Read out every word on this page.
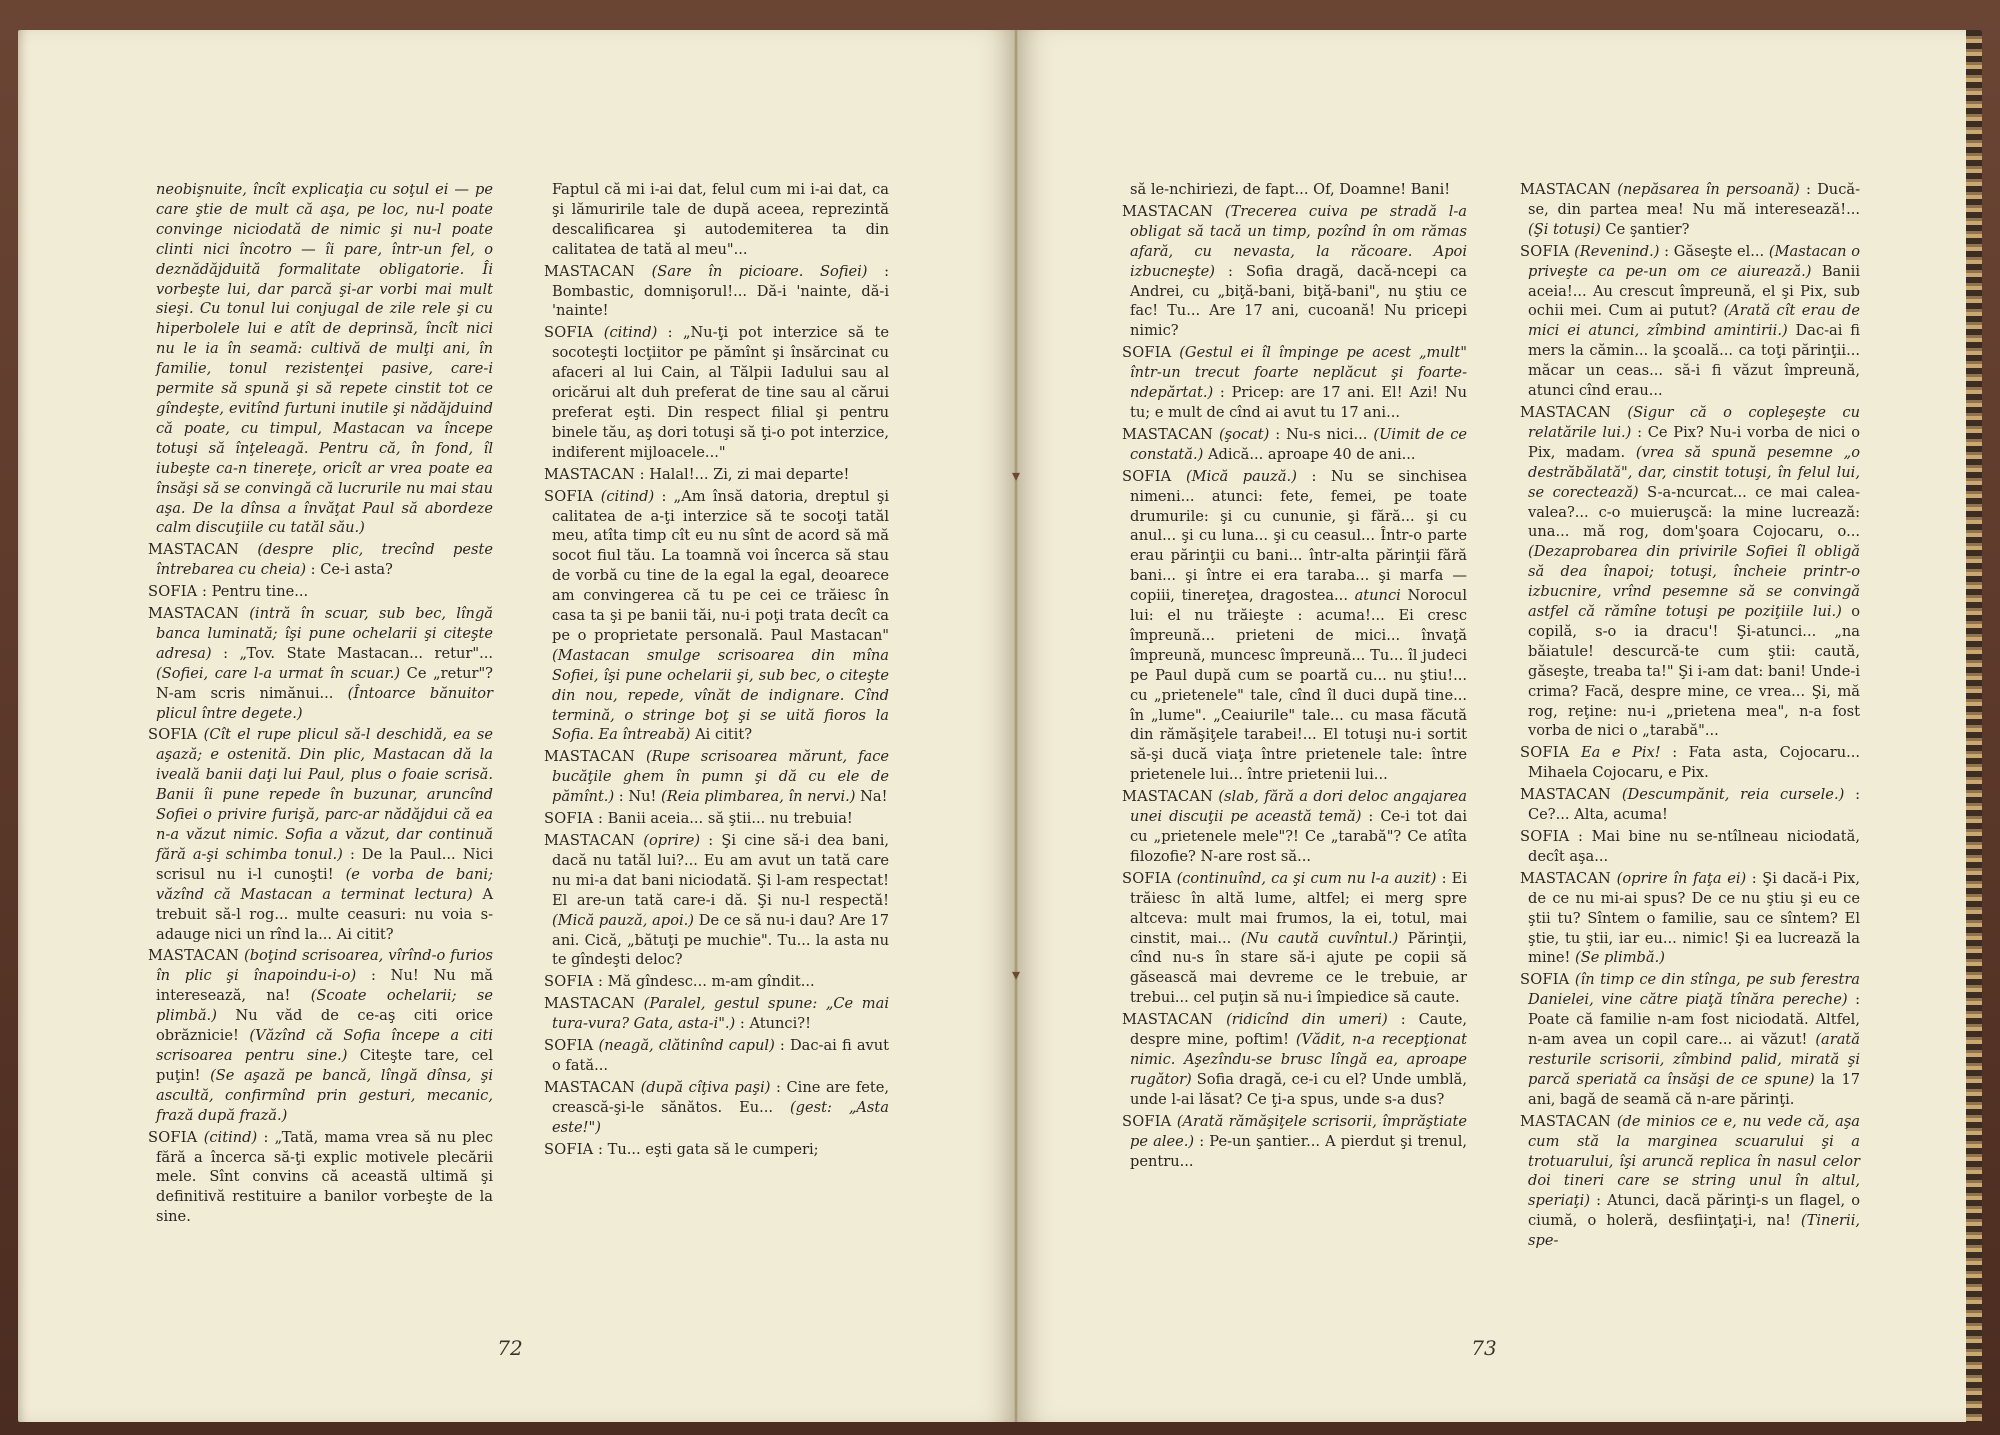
neobişnuite, încît explicaţia cu soţul ei — pe care ştie de mult că aşa, pe loc, nu-l poate convinge niciodată de nimic şi nu-l poate clinti nici încotro — îi pare, într-un fel, o deznădăjduită formalitate obligatorie. Îi vorbeşte lui, dar parcă şi-ar vorbi mai mult sieşi. Cu tonul lui conjugal de zile rele şi cu hiperbolele lui e atît de deprinsă, încît nici nu le ia în seamă: cultivă de mulţi ani, în familie, tonul rezistenţei pasive, care-i permite să spună şi să repete cinstit tot ce gîndeşte, evitînd furtuni inutile şi nădăjduind că poate, cu timpul, Mastacan va începe totuşi să înţeleagă. Pentru că, în fond, îl iubeşte ca-n tinereţe, oricît ar vrea poate ea însăşi să se convingă că lucrurile nu mai stau aşa. De la dînsa a învăţat Paul să abordeze calm discuţiile cu tatăl său.)

MASTACAN (despre plic, trecînd peste întrebarea cu cheia) : Ce-i asta?

SOFIA : Pentru tine...

MASTACAN (intră în scuar, sub bec, lîngă banca luminată; îşi pune ochelarii şi citeşte adresa) : „Tov. State Mastacan... retur"... (Sofiei, care l-a urmat în scuar.) Ce „retur"? N-am scris nimănui... (Întoarce bănuitor plicul între degete.)

SOFIA (Cît el rupe plicul să-l deschidă, ea se aşază; e ostenită. Din plic, Mastacan dă la iveală banii daţi lui Paul, plus o foaie scrisă. Banii îi pune repede în buzunar, aruncînd Sofiei o privire furişă, parc-ar nădăjdui că ea n-a văzut nimic. Sofia a văzut, dar continuă fără a-şi schimba tonul.) : De la Paul... Nici scrisul nu i-l cunoşti! (e vorba de bani; văzînd că Mastacan a terminat lectura) A trebuit să-l rog... multe ceasuri: nu voia s-adauge nici un rînd la... Ai citit?

MASTACAN (boţind scrisoarea, vîrînd-o furios în plic şi înapoindu-i-o) : Nu! Nu mă interesează, na! (Scoate ochelarii; se plimbă.) Nu văd de ce-aş citi orice obrăznicie! (Văzînd că Sofia începe a citi scrisoarea pentru sine.) Citeşte tare, cel puţin! (Se aşază pe bancă, lîngă dînsa, şi ascultă, confirmînd prin gesturi, mecanic, frază după frază.)

SOFIA (citind) : „Tată, mama vrea să nu plec fără a încerca să-ţi explic motivele plecării mele. Sînt convins că această ultimă şi definitivă restituire a banilor vorbeşte de la sine.

Faptul că mi i-ai dat, felul cum mi i-ai dat, ca şi lămuririle tale de după aceea, reprezintă descalificarea şi autodemiterea ta din calitatea de tată al meu"...

MASTACAN (Sare în picioare. Sofiei) : Bombastic, domnişorul!... Dă-i 'nainte, dă-i 'nainte!

SOFIA (citind) : „Nu-ţi pot interzice să te socoteşti locţiitor pe pămînt şi însărcinat cu afaceri al lui Cain, al Tălpii Iadului sau al oricărui alt duh preferat de tine sau al cărui preferat eşti. Din respect filial şi pentru binele tău, aş dori totuşi să ţi-o pot interzice, indiferent mijloacele..."

MASTACAN : Halal!... Zi, zi mai departe!

SOFIA (citind) : „Am însă datoria, dreptul şi calitatea de a-ţi interzice să te socoţi tatăl meu, atîta timp cît eu nu sînt de acord să mă socot fiul tău. La toamnă voi încerca să stau de vorbă cu tine de la egal la egal, deoarece am convingerea că tu pe cei ce trăiesc în casa ta şi pe banii tăi, nu-i poţi trata decît ca pe o proprietate personală. Paul Mastacan" (Mastacan smulge scrisoarea din mîna Sofiei, îşi pune ochelarii şi, sub bec, o citeşte din nou, repede, vînăt de indignare. Cînd termină, o stringe boţ şi se uită fioros la Sofia. Ea întreabă) Ai citit?

MASTACAN (Rupe scrisoarea mărunt, face bucăţile ghem în pumn şi dă cu ele de pămînt.) : Nu! (Reia plimbarea, în nervi.) Na!

SOFIA : Banii aceia... să ştii... nu trebuia!

MASTACAN (oprire) : Şi cine să-i dea bani, dacă nu tatăl lui?... Eu am avut un tată care nu mi-a dat bani niciodată. Şi l-am respectat! El are-un tată care-i dă. Şi nu-l respectă! (Mică pauză, apoi.) De ce să nu-i dau? Are 17 ani. Cică, „bătuţi pe muchie". Tu... la asta nu te gîndeşti deloc?

SOFIA : Mă gîndesc... m-am gîndit...

MASTACAN (Paralel, gestul spune: „Ce mai tura-vura? Gata, asta-i".) : Atunci?!

SOFIA (neagă, clătinînd capul) : Dac-ai fi avut o fată...

MASTACAN (după cîţiva paşi) : Cine are fete, crească-şi-le sănătos. Eu... (gest: „Asta este!")

SOFIA : Tu... eşti gata să le cumperi;

72

să le-nchiriezi, de fapt... Of, Doamne! Bani!

MASTACAN (Trecerea cuiva pe stradă l-a obligat să tacă un timp, pozînd în om rămas afară, cu nevasta, la răcoare. Apoi izbucneşte) : Sofia dragă, dacă-ncepi ca Andrei, cu „biţă-bani, biţă-bani", nu ştiu ce fac! Tu... Are 17 ani, cucoană! Nu pricepi nimic?

SOFIA (Gestul ei îl împinge pe acest „mult" într-un trecut foarte neplăcut şi foarte-ndepărtat.) : Pricep: are 17 ani. El! Azi! Nu tu; e mult de cînd ai avut tu 17 ani...

MASTACAN (şocat) : Nu-s nici... (Uimit de ce constată.) Adică... aproape 40 de ani...

SOFIA (Mică pauză.) : Nu se sinchisea nimeni... atunci: fete, femei, pe toate drumurile: şi cu cununie, şi fără... şi cu anul... şi cu luna... şi cu ceasul... Într-o parte erau părinţii cu bani... într-alta părinţii fără bani... şi între ei era taraba... şi marfa — copiii, tinereţea, dragostea... atunci Norocul lui: el nu trăieşte : acuma!... Ei cresc împreună... prieteni de mici... învaţă împreună, muncesc împreună... Tu... îl judeci pe Paul după cum se poartă cu... nu ştiu!... cu „prietenele" tale, cînd îl duci după tine... în „lume". „Ceaiurile" tale... cu masa făcută din rămăşiţele tarabei!... El totuşi nu-i sortit să-şi ducă viaţa între prietenele tale: între prietenele lui... între prietenii lui...

MASTACAN (slab, fără a dori deloc angajarea unei discuţii pe această temă) : Ce-i tot dai cu „prietenele mele"?! Ce „tarabă"? Ce atîta filozofie? N-are rost să...

SOFIA (continuînd, ca şi cum nu l-a auzit) : Ei trăiesc în altă lume, altfel; ei merg spre altceva: mult mai frumos, la ei, totul, mai cinstit, mai... (Nu caută cuvîntul.) Părinţii, cînd nu-s în stare să-i ajute pe copii să găsească mai devreme ce le trebuie, ar trebui... cel puţin să nu-i împiedice să caute.

MASTACAN (ridicînd din umeri) : Caute, despre mine, poftim! (Vădit, n-a recepţionat nimic. Aşezîndu-se brusc lîngă ea, aproape rugător) Sofia dragă, ce-i cu el? Unde umblă, unde l-ai lăsat? Ce ţi-a spus, unde s-a dus?

SOFIA (Arată rămăşiţele scrisorii, împrăştiate pe alee.) : Pe-un şantier... A pierdut şi trenul, pentru...

MASTACAN (nepăsarea în persoană) : Ducă-se, din partea mea! Nu mă interesează!... (Şi totuşi) Ce şantier?

SOFIA (Revenind.) : Găseşte el... (Mastacan o priveşte ca pe-un om ce aiurează.) Banii aceia!... Au crescut împreună, el şi Pix, sub ochii mei. Cum ai putut? (Arată cît erau de mici ei atunci, zîmbind amintirii.) Dac-ai fi mers la cămin... la şcoală... ca toţi părinţii... măcar un ceas... să-i fi văzut împreună, atunci cînd erau...

MASTACAN (Sigur că o copleşeşte cu relatările lui.) : Ce Pix? Nu-i vorba de nici o Pix, madam. (vrea să spună pesemne „o destrăbălată", dar, cinstit totuşi, în felul lui, se corectează) S-a-ncurcat... ce mai calea-valea?... c-o muieruşcă: la mine lucrează: una... mă rog, dom'şoara Cojocaru, o... (Dezaprobarea din privirile Sofiei îl obligă să dea înapoi; totuşi, încheie printr-o izbucnire, vrînd pesemne să se convingă astfel că rămîne totuşi pe poziţiile lui.) o copilă, s-o ia dracu'! Şi-atunci... „na băiatule! descurcă-te cum ştii: caută, găseşte, treaba ta!" Şi i-am dat: bani! Unde-i crima? Facă, despre mine, ce vrea... Şi, mă rog, reţine: nu-i „prietena mea", n-a fost vorba de nici o „tarabă"...

SOFIA Ea e Pix! : Fata asta, Cojocaru... Mihaela Cojocaru, e Pix.

MASTACAN (Descumpănit, reia cursele.) : Ce?... Alta, acuma!

SOFIA : Mai bine nu se-ntîlneau niciodată, decît aşa...

MASTACAN (oprire în faţa ei) : Şi dacă-i Pix, de ce nu mi-ai spus? De ce nu ştiu şi eu ce ştii tu? Sîntem o familie, sau ce sîntem? El ştie, tu ştii, iar eu... nimic! Şi ea lucrează la mine! (Se plimbă.)

SOFIA (în timp ce din stînga, pe sub ferestra Danielei, vine către piaţă tînăra pereche) : Poate că familie n-am fost niciodată. Altfel, n-am avea un copil care... ai văzut! (arată resturile scrisorii, zîmbind palid, mirată şi parcă speriată ca însăşi de ce spune) la 17 ani, bagă de seamă că n-are părinţi.

MASTACAN (de minios ce e, nu vede că, aşa cum stă la marginea scuarului şi a trotuarului, îşi aruncă replica în nasul celor doi tineri care se string unul în altul, speriaţi) : Atunci, dacă părinţi-s un flagel, o ciumă, o holeră, desfiinţaţi-i, na! (Tinerii, spe-

73
▾
▾
